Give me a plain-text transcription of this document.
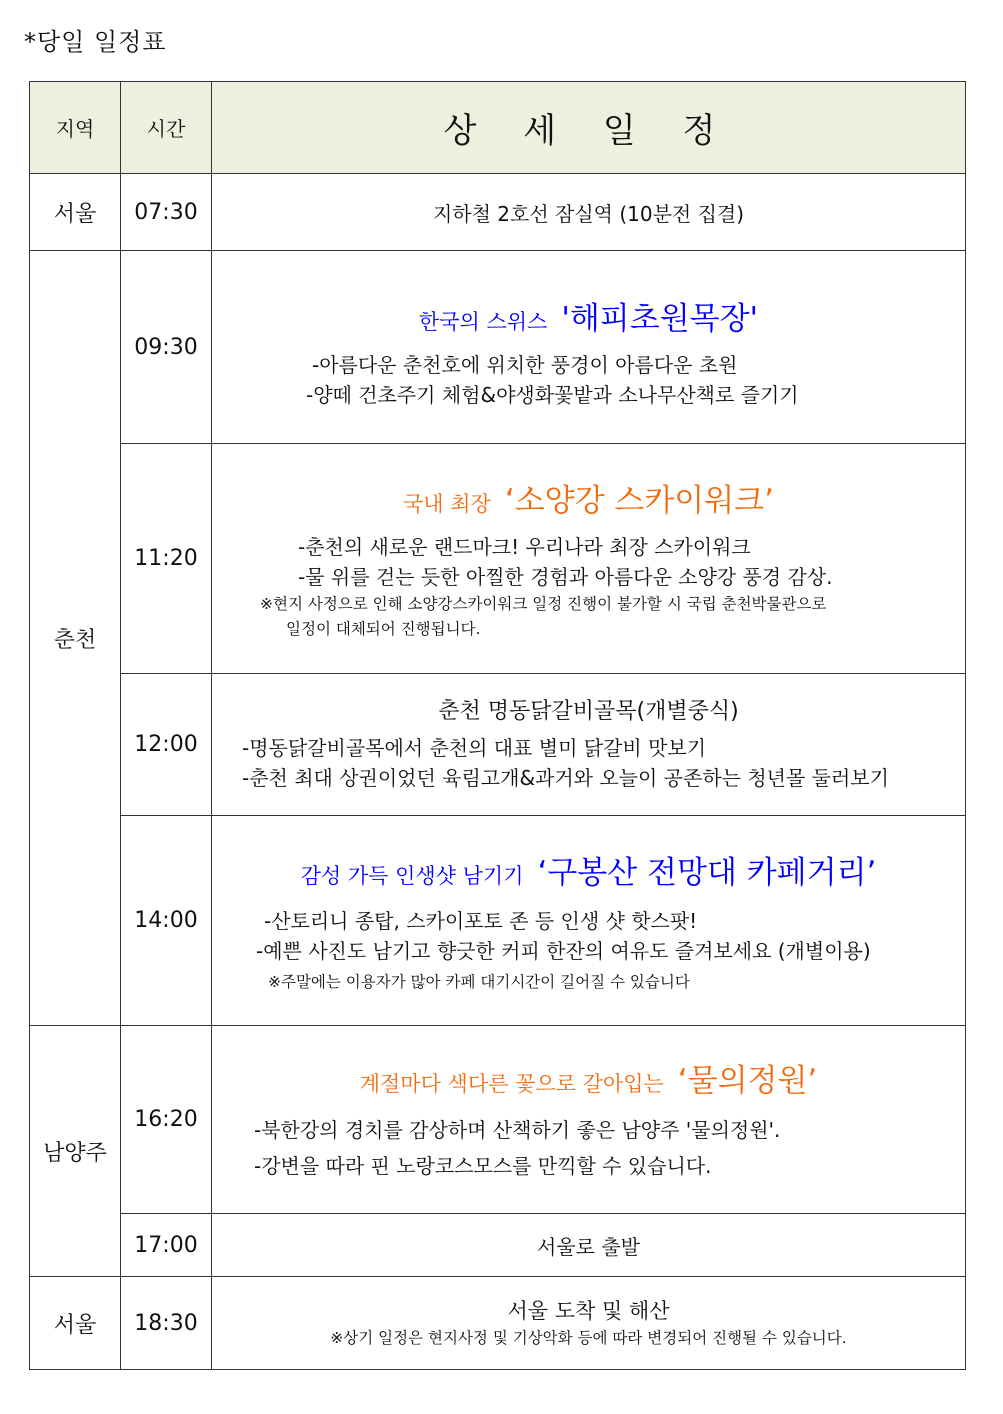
*당일 일정표
지역	시간	상 세 일 정
서울	07:30	지하철 2호선 잠실역 (10분전 집결)
춘천	09:30	한국의 스위스 '해피초원목장'
-아름다운 춘천호에 위치한 풍경이 아름다운 초원
-양떼 건초주기 체험&야생화꽃밭과 소나무산책로 즐기기

	11:20	국내 최장 ‘소양강 스카이워크’
-춘천의 새로운 랜드마크! 우리나라 최장 스카이워크
-물 위를 걷는 듯한 아찔한 경험과 아름다운 소양강 풍경 감상.
※현지 사정으로 인해 소양강스카이워크 일정 진행이 불가할 시 국립 춘천박물관으로
일정이 대체되어 진행됩니다.

	12:00	춘천 명동닭갈비골목(개별중식)
-명동닭갈비골목에서 춘천의 대표 별미 닭갈비 맛보기
-춘천 최대 상권이었던 육림고개&과거와 오늘이 공존하는 청년몰 둘러보기

	14:00	감성 가득 인생샷 남기기 ‘구봉산 전망대 카페거리’
-산토리니 종탑, 스카이포토 존 등 인생 샷 핫스팟!
-예쁜 사진도 남기고 향긋한 커피 한잔의 여유도 즐겨보세요 (개별이용)
※주말에는 이용자가 많아 카페 대기시간이 길어질 수 있습니다

남양주	16:20	계절마다 색다른 꽃으로 갈아입는 ‘물의정원’
-북한강의 경치를 감상하며 산책하기 좋은 남양주 '물의정원'.
-강변을 따라 핀 노랑코스모스를 만끽할 수 있습니다.

	17:00	서울로 출발
서울	18:30	서울 도착 및 해산
※상기 일정은 현지사정 및 기상악화 등에 따라 변경되어 진행될 수 있습니다.
